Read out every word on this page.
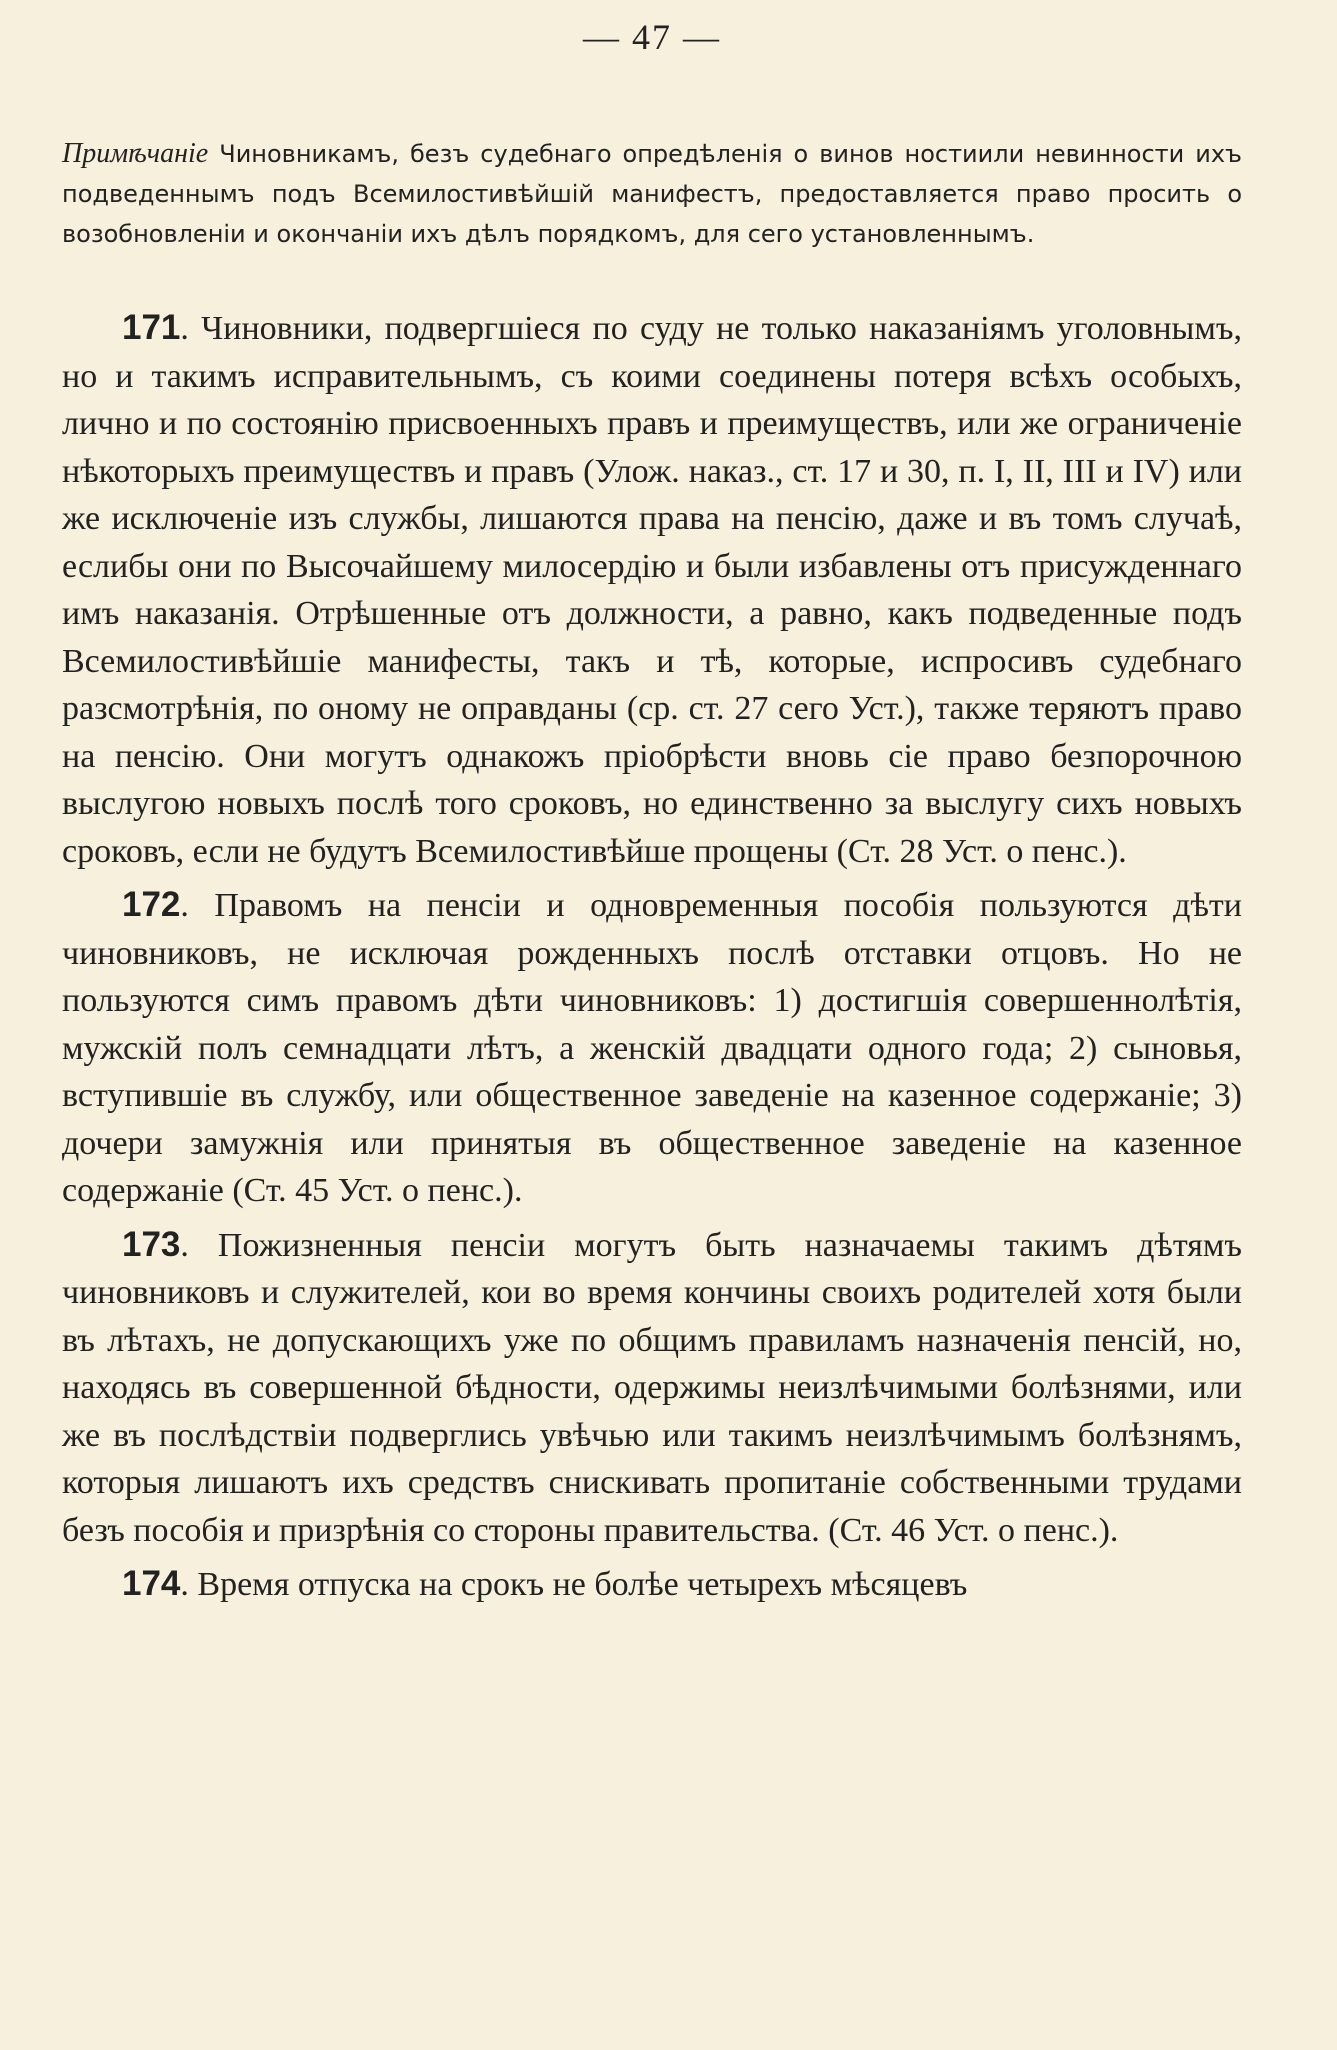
— 47 —

Примѣчаніе Чиновникамъ, безъ судебнаго опредѣленія о винов ностиили невинности ихъ подведеннымъ подъ Всемилостивѣйшій манифестъ, предоставляется право просить о возобновленіи и окончаніи ихъ дѣлъ порядкомъ, для сего установленнымъ.

171. Чиновники, подвергшіеся по суду не только наказаніямъ уголовнымъ, но и такимъ исправительнымъ, съ коими соединены потеря всѣхъ особыхъ, лично и по состоянію присвоенныхъ правъ и преимуществъ, или же ограниченіе нѣкоторыхъ преимуществъ и правъ (Улож. наказ., ст. 17 и 30, п. I, II, III и IV) или же исключеніе изъ службы, лишаются права на пенсію, даже и въ томъ случаѣ, еслибы они по Высочайшему милосердію и были избавлены отъ присужденнаго имъ наказанія. Отрѣшенные отъ должности, а равно, какъ подведенные подъ Всемилостивѣйшіе манифесты, такъ и тѣ, которые, испросивъ судебнаго разсмотрѣнія, по оному не оправданы (ср. ст. 27 сего Уст.), также теряютъ право на пенсію. Они могутъ однакожъ пріобрѣсти вновь сіе право безпорочною выслугою новыхъ послѣ того сроковъ, но единственно за выслугу сихъ новыхъ сроковъ, если не будутъ Всемилостивѣйше прощены (Ст. 28 Уст. о пенс.).

172. Правомъ на пенсіи и одновременныя пособія пользуются дѣти чиновниковъ, не исключая рожденныхъ послѣ отставки отцовъ. Но не пользуются симъ правомъ дѣти чиновниковъ: 1) достигшія совершеннолѣтія, мужскій полъ семнадцати лѣтъ, а женскій двадцати одного года; 2) сыновья, вступившіе въ службу, или общественное заведеніе на казенное содержаніе; 3) дочери замужнія или принятыя въ общественное заведеніе на казенное содержаніе (Ст. 45 Уст. о пенс.).

173. Пожизненныя пенсіи могутъ быть назначаемы такимъ дѣтямъ чиновниковъ и служителей, кои во время кончины своихъ родителей хотя были въ лѣтахъ, не допускающихъ уже по общимъ правиламъ назначенія пенсій, но, находясь въ совершенной бѣдности, одержимы неизлѣчимыми болѣзнями, или же въ послѣдствіи подверглись увѣчью или такимъ неизлѣчимымъ болѣзнямъ, которыя лишаютъ ихъ средствъ снискивать пропитаніе собственными трудами безъ пособія и призрѣнія со стороны правительства. (Ст. 46 Уст. о пенс.).

174. Время отпуска на срокъ не болѣе четырехъ мѣсяцевъ
